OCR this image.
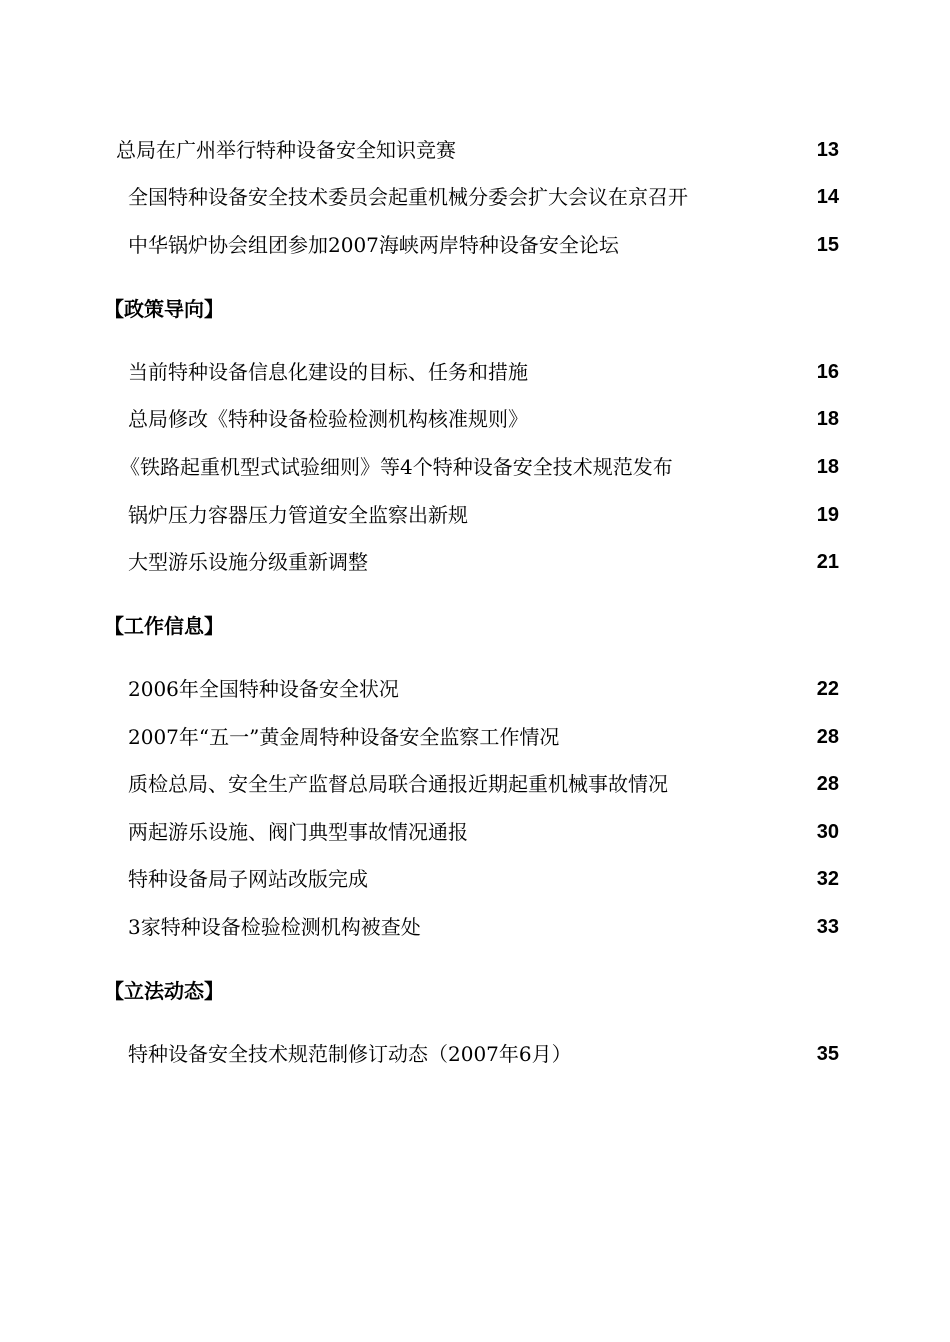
总局在广州举行特种设备安全知识竞赛	13
全国特种设备安全技术委员会起重机械分委会扩大会议在京召开	14
中华锅炉协会组团参加2007海峡两岸特种设备安全论坛	15
【政策导向】
当前特种设备信息化建设的目标、任务和措施	16
总局修改《特种设备检验检测机构核准规则》	18
《铁路起重机型式试验细则》等4个特种设备安全技术规范发布	18
锅炉压力容器压力管道安全监察出新规	19
大型游乐设施分级重新调整	21
【工作信息】
2006年全国特种设备安全状况	22
2007年“五一”黄金周特种设备安全监察工作情况	28
质检总局、安全生产监督总局联合通报近期起重机械事故情况	28
两起游乐设施、阀门典型事故情况通报	30
特种设备局子网站改版完成	32
3家特种设备检验检测机构被查处	33
【立法动态】
特种设备安全技术规范制修订动态（2007年6月）	35
